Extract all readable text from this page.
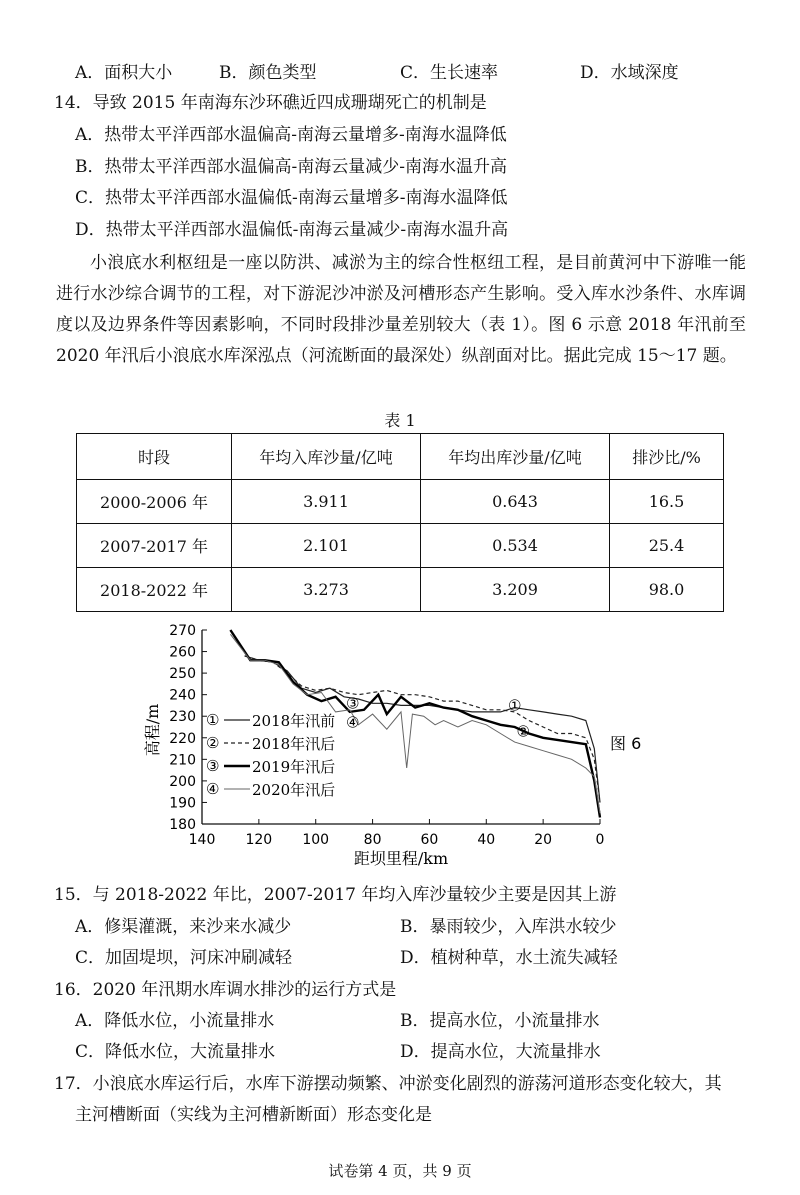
A．面积大小	B．颜色类型	C．生长速率	D．水域深度
14．导致 2015 年南海东沙环礁近四成珊瑚死亡的机制是
A．热带太平洋西部水温偏高-南海云量增多-南海水温降低
B．热带太平洋西部水温偏高-南海云量减少-南海水温升高
C．热带太平洋西部水温偏低-南海云量增多-南海水温降低
D．热带太平洋西部水温偏低-南海云量减少-南海水温升高
小浪底水利枢纽是一座以防洪、减淤为主的综合性枢纽工程，是目前黄河中下游唯一能进行水沙综合调节的工程，对下游泥沙冲淤及河槽形态产生影响。受入库水沙条件、水库调度以及边界条件等因素影响，不同时段排沙量差别较大（表 1）。图 6 示意 2018 年汛前至 2020 年汛后小浪底水库深泓点（河流断面的最深处）纵剖面对比。据此完成 15～17 题。
表 1
时段	年均入库沙量/亿吨	年均出库沙量/亿吨	排沙比/%
2000-2006 年	3.911	0.643	16.5
2007-2017 年	2.101	0.534	25.4
2018-2022 年	3.273	3.209	98.0
180
190
200
210
220
230
240
250
260
270
140 120 100 80	60	40	20	0
①
②
③
④
① 2018年汛前
② 2018年汛后
③ 2019年汛后
④ 2020年汛后
距坝里程/km
高程/m	图 6
15．与 2018-2022 年比，2007-2017 年均入库沙量较少主要是因其上游
A．修渠灌溉，来沙来水减少	B．暴雨较少，入库洪水较少
C．加固堤坝，河床冲刷减轻	D．植树种草，水土流失减轻
16．2020 年汛期水库调水排沙的运行方式是
A．降低水位，小流量排水	B．提高水位，小流量排水
C．降低水位，大流量排水	D．提高水位，大流量排水
17．小浪底水库运行后，水库下游摆动频繁、冲淤变化剧烈的游荡河道形态变化较大，其
主河槽断面（实线为主河槽新断面）形态变化是
试卷第 4 页，共 9 页
